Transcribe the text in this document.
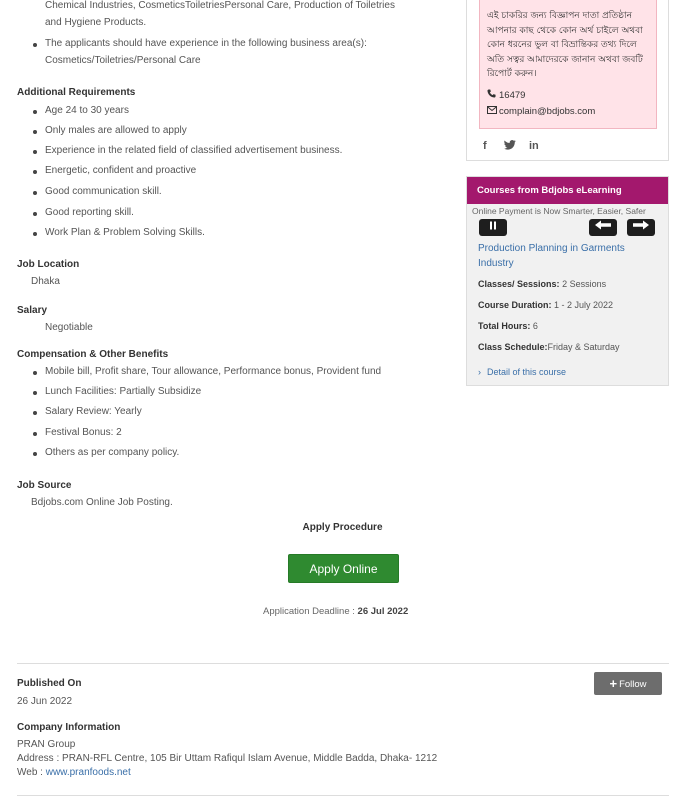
Chemical Industries, CosmeticsToiletriesPersonal Care, Production of Toiletries
and Hygiene Products.
The applicants should have experience in the following business area(s):
Cosmetics/Toiletries/Personal Care
Additional Requirements
Age 24 to 30 years
Only males are allowed to apply
Experience in the related field of classified advertisement business.
Energetic, confident and proactive
Good communication skill.
Good reporting skill.
Work Plan & Problem Solving Skills.
Job Location
Dhaka
Salary
Negotiable
Compensation & Other Benefits
Mobile bill, Profit share, Tour allowance, Performance bonus, Provident fund
Lunch Facilities: Partially Subsidize
Salary Review: Yearly
Festival Bonus: 2
Others as per company policy.
Job Source
Bdjobs.com Online Job Posting.
Apply Procedure
Apply Online
Application Deadline : 26 Jul 2022
Published On
26 Jun 2022
+ Follow
Company Information
PRAN Group
Address : PRAN-RFL Centre, 105 Bir Uttam Rafiqul Islam Avenue, Middle Badda, Dhaka- 1212
Web : www.pranfoods.net
এই চাকরির জন্য বিজ্ঞাপন দাতা প্রতিষ্ঠান আপনার কাছ থেকে কোন অর্থ চাইলে অথবা কোন ধরনের ভুল বা বিভ্রান্তিকর তথ্য দিলে অতি সত্বর আমাদেরকে জানান অথবা জবটি রিপোর্ট করুন।
16479
complain@bdjobs.com
f	in
Courses from Bdjobs eLearning
Online Payment is Now Smarter, Easier, Safer
Production Planning in Garments Industry
Classes/ Sessions: 2 Sessions
Course Duration: 1 - 2 July 2022
Total Hours: 6
Class Schedule:Friday & Saturday
› Detail of this course
